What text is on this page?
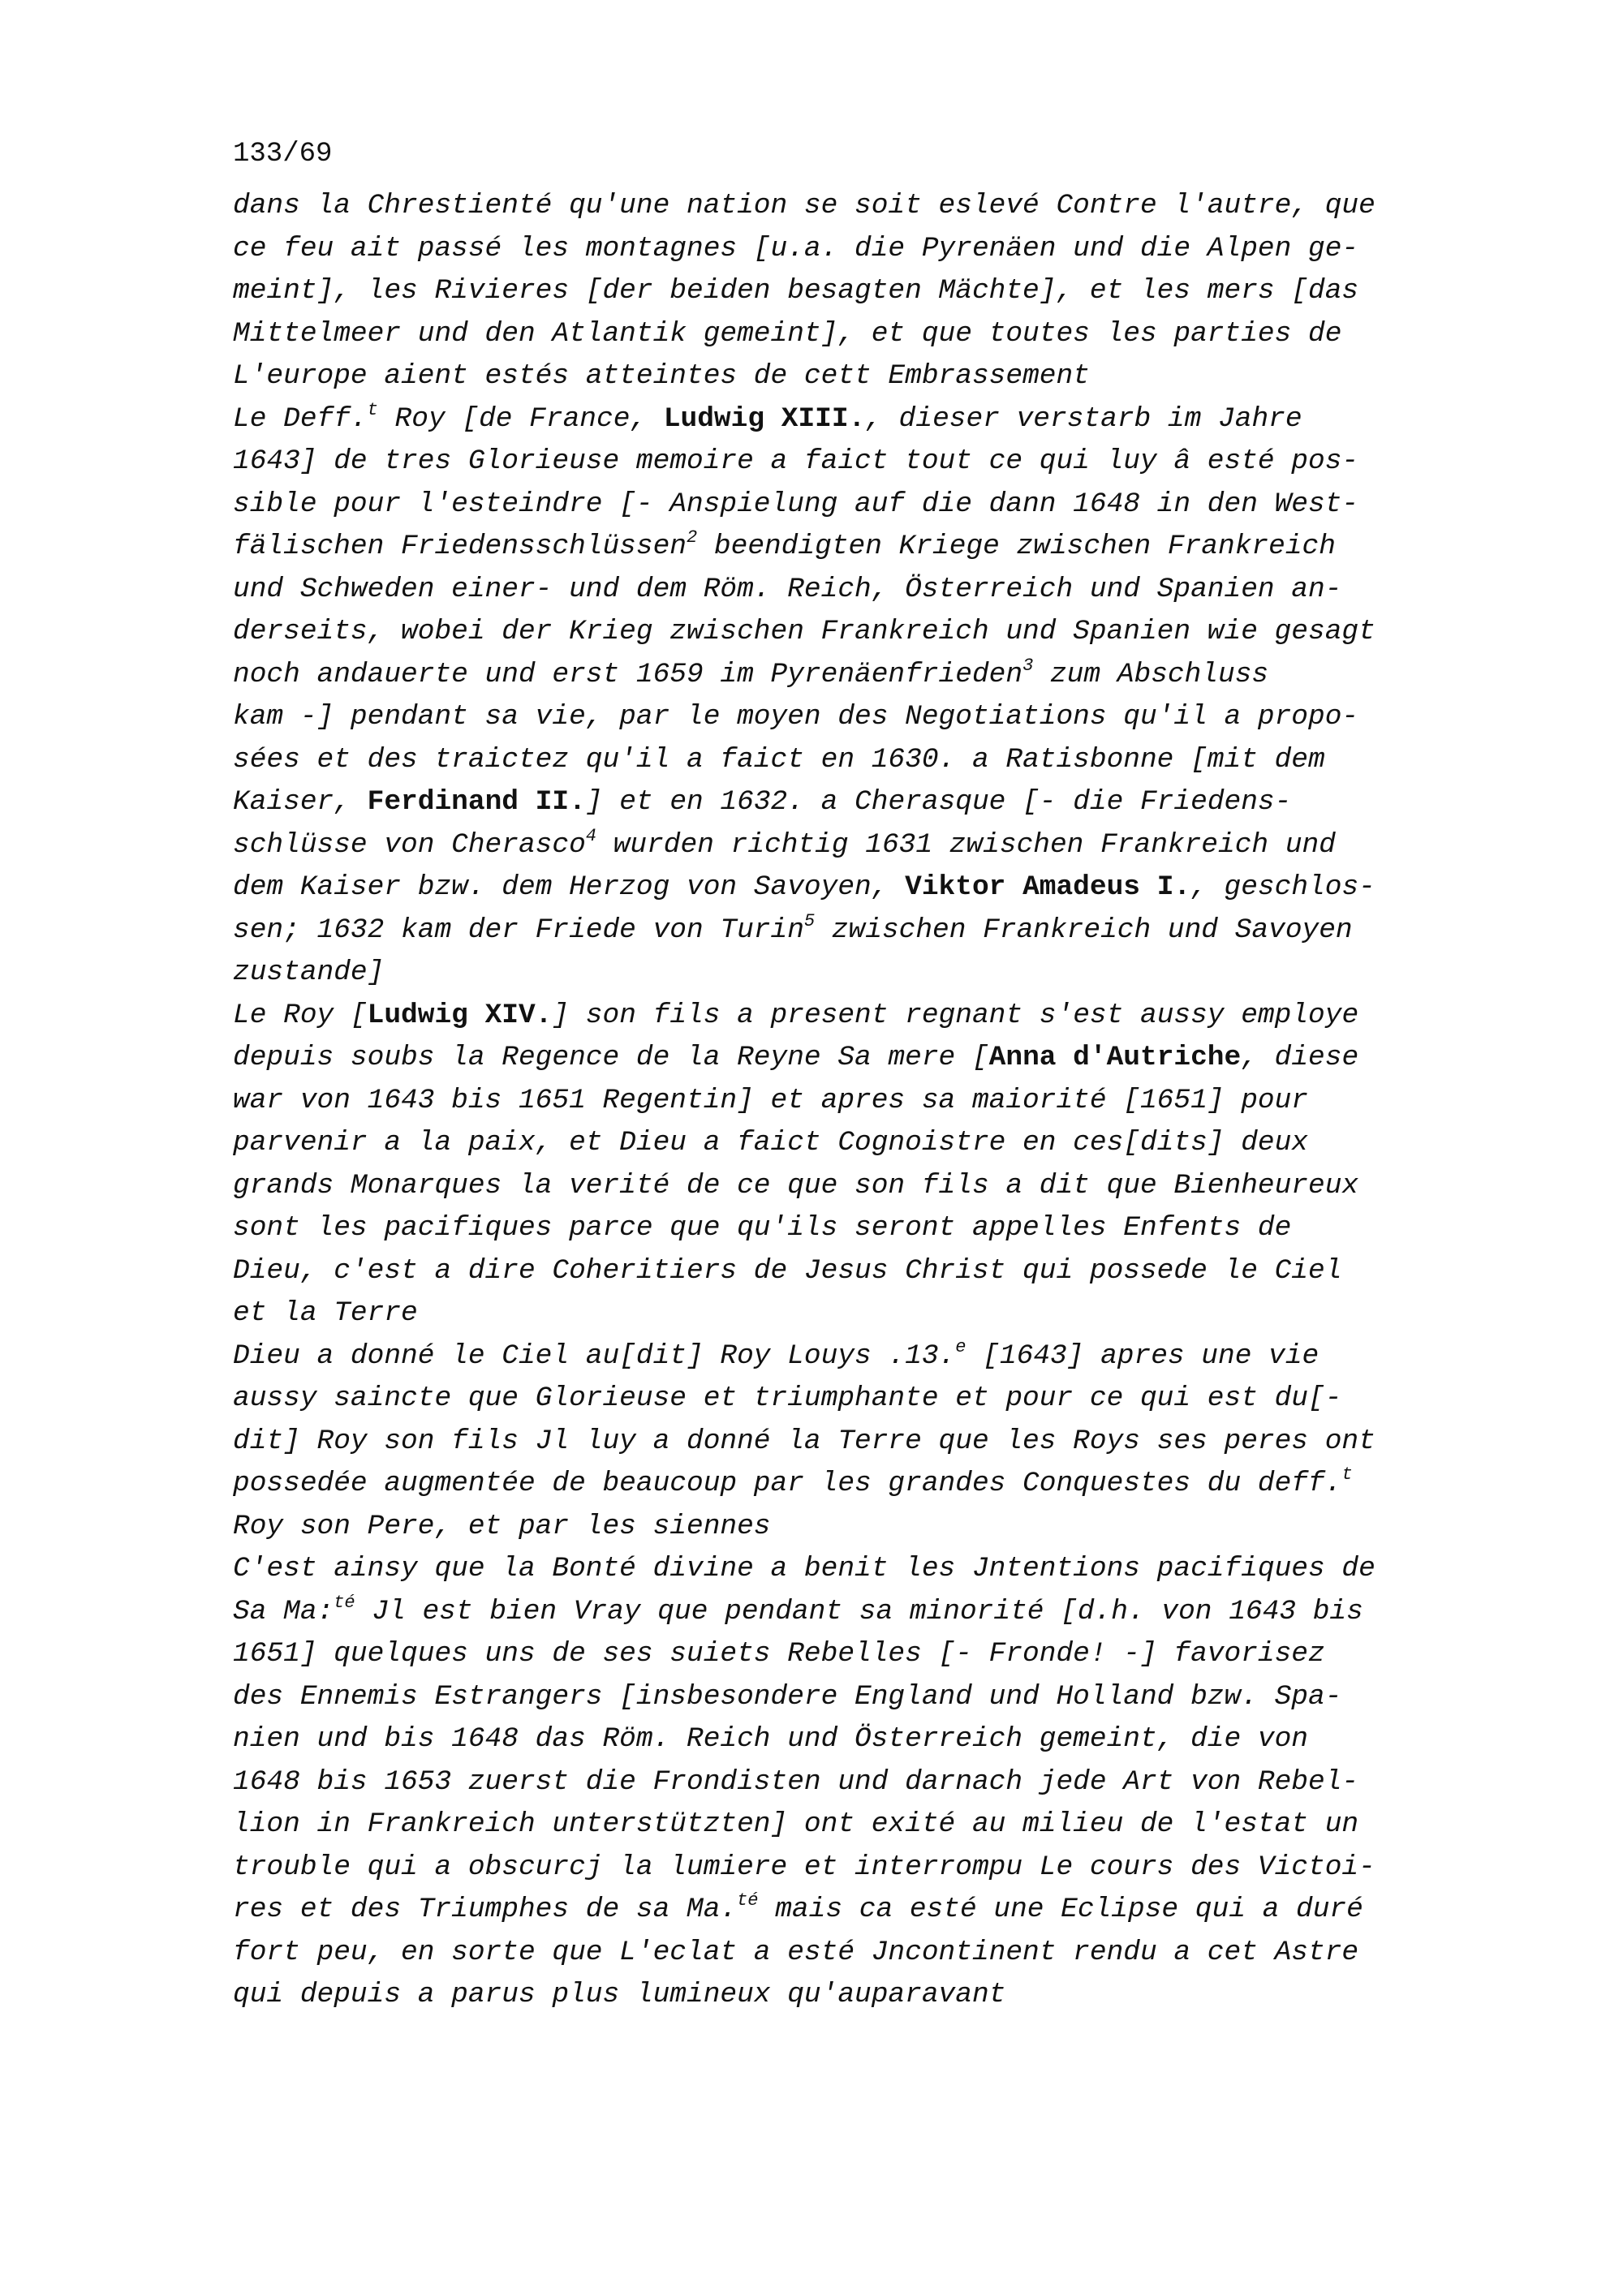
133/69
dans la Chrestienté qu'une nation se soit eslevé Contre l'autre, que
ce feu ait passé les montagnes [u.a. die Pyrenäen und die Alpen ge-
meint], les Rivieres [der beiden besagten Mächte], et les mers [das
Mittelmeer und den Atlantik gemeint], et que toutes les parties de
L'europe aient estés atteintes de cett Embrassement
Le Deff.$^t$ Roy [de France, Ludwig XIII., dieser verstarb im Jahre
1643] de tres Glorieuse memoire a faict tout ce qui luy â esté pos-
sible pour l'esteindre [- Anspielung auf die dann 1648 in den West-
fälischen Friedensschlüssen$^2$ beendigten Kriege zwischen Frankreich
und Schweden einer- und dem Röm. Reich, Österreich und Spanien an-
derseits, wobei der Krieg zwischen Frankreich und Spanien wie gesagt
noch andauerte und erst 1659 im Pyrenäenfrieden$^3$ zum Abschluss
kam -] pendant sa vie, par le moyen des Negotiations qu'il a propo-
sées et des traictez qu'il a faict en 1630. a Ratisbonne [mit dem
Kaiser, Ferdinand II.] et en 1632. a Cherasque [- die Friedens-
schlüsse von Cherasco$^4$ wurden richtig 1631 zwischen Frankreich und
dem Kaiser bzw. dem Herzog von Savoyen, Viktor Amadeus I., geschlos-
sen; 1632 kam der Friede von Turin$^5$ zwischen Frankreich und Savoyen
zustande]
Le Roy [Ludwig XIV.] son fils a present regnant s'est aussy employe
depuis soubs la Regence de la Reyne Sa mere [Anna d'Autriche, diese
war von 1643 bis 1651 Regentin] et apres sa maiorité [1651] pour
parvenir a la paix, et Dieu a faict Cognoistre en ces[dits] deux
grands Monarques la verité de ce que son fils a dit que Bienheureux
sont les pacifiques parce que qu'ils seront appelles Enfents de
Dieu, c'est a dire Coheritiers de Jesus Christ qui possede le Ciel
et la Terre
Dieu a donné le Ciel au[dit] Roy Louys .13.$^e$ [1643] apres une vie
aussy saincte que Glorieuse et triumphante et pour ce qui est du[-
dit] Roy son fils Jl luy a donné la Terre que les Roys ses peres ont
possedée augmentée de beaucoup par les grandes Conquestes du deff.$^t$
Roy son Pere, et par les siennes
C'est ainsy que la Bonté divine a benit les Jntentions pacifiques de
Sa Ma:$^{té}$ Jl est bien Vray que pendant sa minorité [d.h. von 1643 bis
1651] quelques uns de ses suiets Rebelles [- Fronde! -] favorisez
des Ennemis Estrangers [insbesondere England und Holland bzw. Spa-
nien und bis 1648 das Röm. Reich und Österreich gemeint, die von
1648 bis 1653 zuerst die Frondisten und darnach jede Art von Rebel-
lion in Frankreich unterstützten] ont exité au milieu de l'estat un
trouble qui a obscurcj la lumiere et interrompu Le cours des Victoi-
res et des Triumphes de sa Ma.$^{té}$ mais ca esté une Eclipse qui a duré
fort peu, en sorte que L'eclat a esté Jncontinent rendu a cet Astre
qui depuis a parus plus lumineux qu'auparavant
